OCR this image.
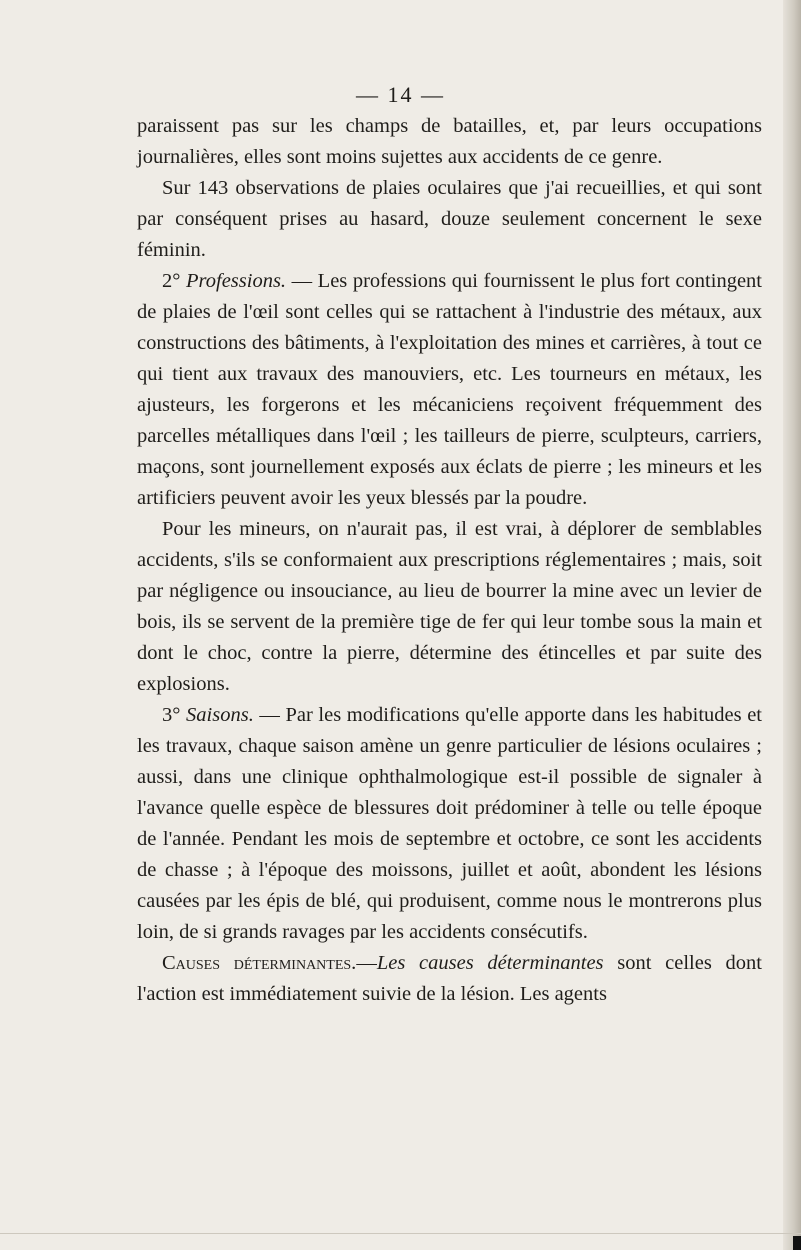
— 14 —

paraissent pas sur les champs de batailles, et, par leurs occupations journalières, elles sont moins sujettes aux accidents de ce genre.

Sur 143 observations de plaies oculaires que j'ai recueillies, et qui sont par conséquent prises au hasard, douze seulement concernent le sexe féminin.

2° Professions. — Les professions qui fournissent le plus fort contingent de plaies de l'œil sont celles qui se rattachent à l'industrie des métaux, aux constructions des bâtiments, à l'exploitation des mines et carrières, à tout ce qui tient aux travaux des manouviers, etc. Les tourneurs en métaux, les ajusteurs, les forgerons et les mécaniciens reçoivent fréquemment des parcelles métalliques dans l'œil ; les tailleurs de pierre, sculpteurs, carriers, maçons, sont journellement exposés aux éclats de pierre ; les mineurs et les artificiers peuvent avoir les yeux blessés par la poudre.

Pour les mineurs, on n'aurait pas, il est vrai, à déplorer de semblables accidents, s'ils se conformaient aux prescriptions réglementaires ; mais, soit par négligence ou insouciance, au lieu de bourrer la mine avec un levier de bois, ils se servent de la première tige de fer qui leur tombe sous la main et dont le choc, contre la pierre, détermine des étincelles et par suite des explosions.

3° Saisons. — Par les modifications qu'elle apporte dans les habitudes et les travaux, chaque saison amène un genre particulier de lésions oculaires ; aussi, dans une clinique ophthalmologique est-il possible de signaler à l'avance quelle espèce de blessures doit prédominer à telle ou telle époque de l'année. Pendant les mois de septembre et octobre, ce sont les accidents de chasse ; à l'époque des moissons, juillet et août, abondent les lésions causées par les épis de blé, qui produisent, comme nous le montrerons plus loin, de si grands ravages par les accidents consécutifs.

Causes déterminantes.—Les causes déterminantes sont celles dont l'action est immédiatement suivie de la lésion. Les agents
